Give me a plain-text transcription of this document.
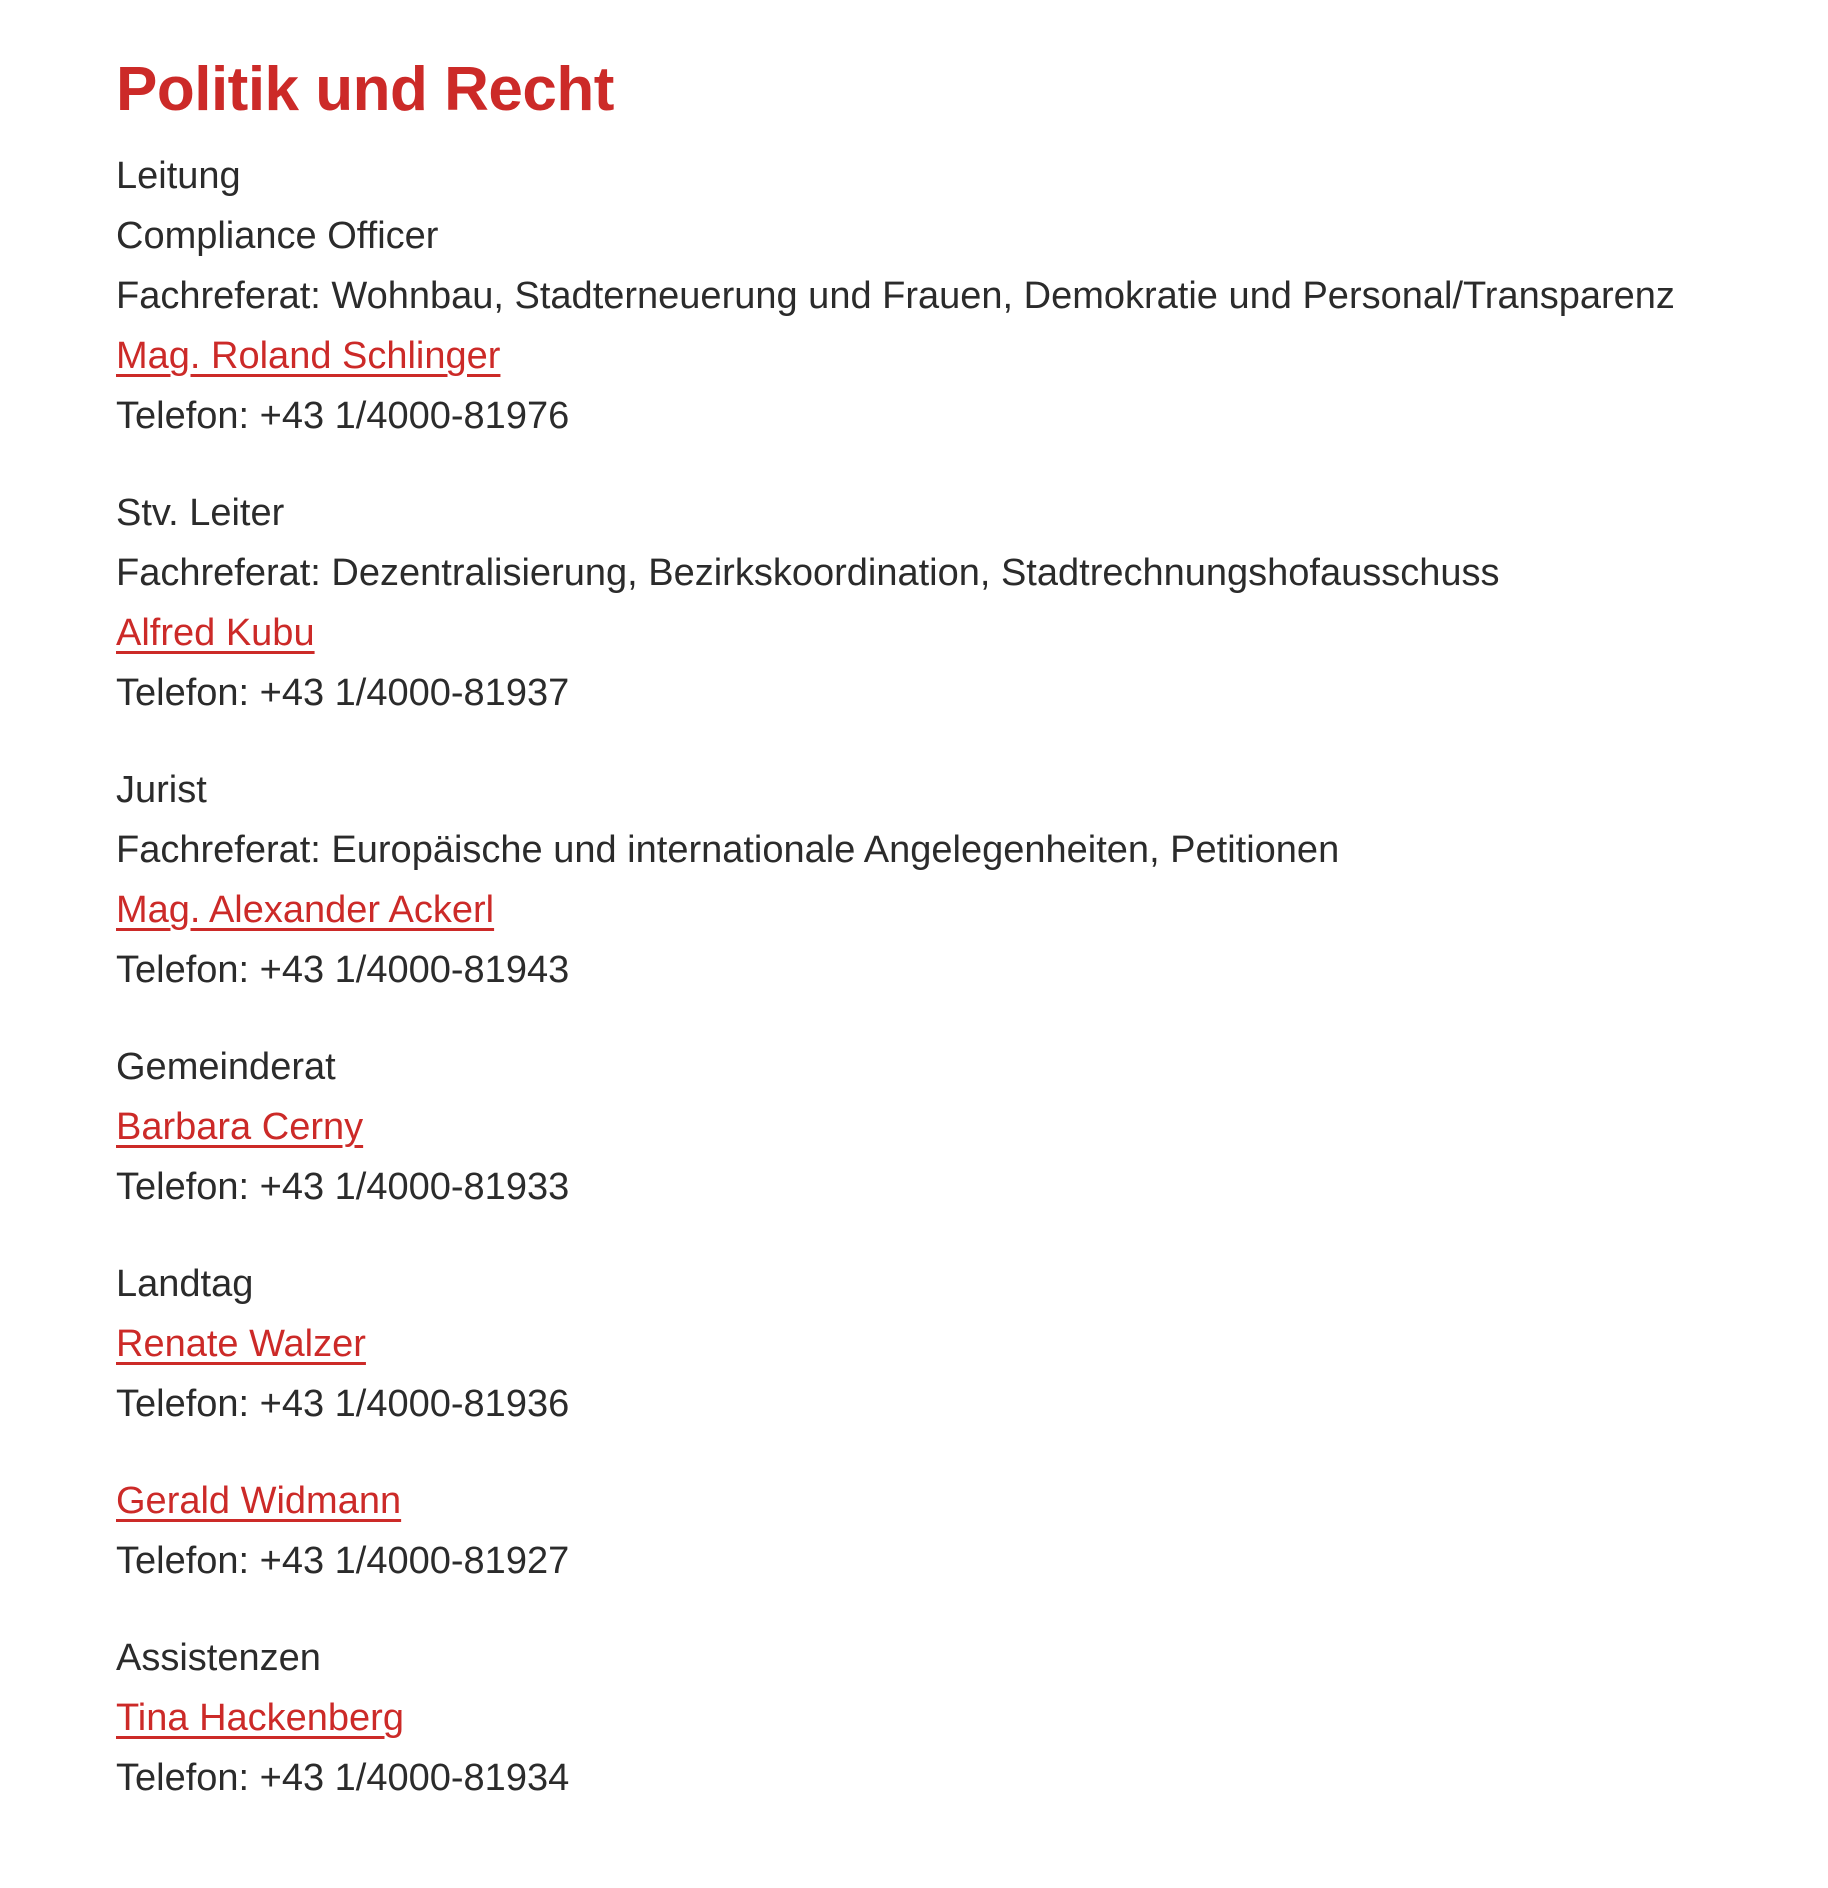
Politik und Recht
Leitung
Compliance Officer
Fachreferat: Wohnbau, Stadterneuerung und Frauen, Demokratie und Personal/Transparenz
Mag. Roland Schlinger
Telefon: +43 1/4000-81976
Stv. Leiter
Fachreferat: Dezentralisierung, Bezirkskoordination, Stadtrechnungshofausschuss
Alfred Kubu
Telefon: +43 1/4000-81937
Jurist
Fachreferat: Europäische und internationale Angelegenheiten, Petitionen
Mag. Alexander Ackerl
Telefon: +43 1/4000-81943
Gemeinderat
Barbara Cerny
Telefon: +43 1/4000-81933
Landtag
Renate Walzer
Telefon: +43 1/4000-81936
Gerald Widmann
Telefon: +43 1/4000-81927
Assistenzen
Tina Hackenberg
Telefon: +43 1/4000-81934
